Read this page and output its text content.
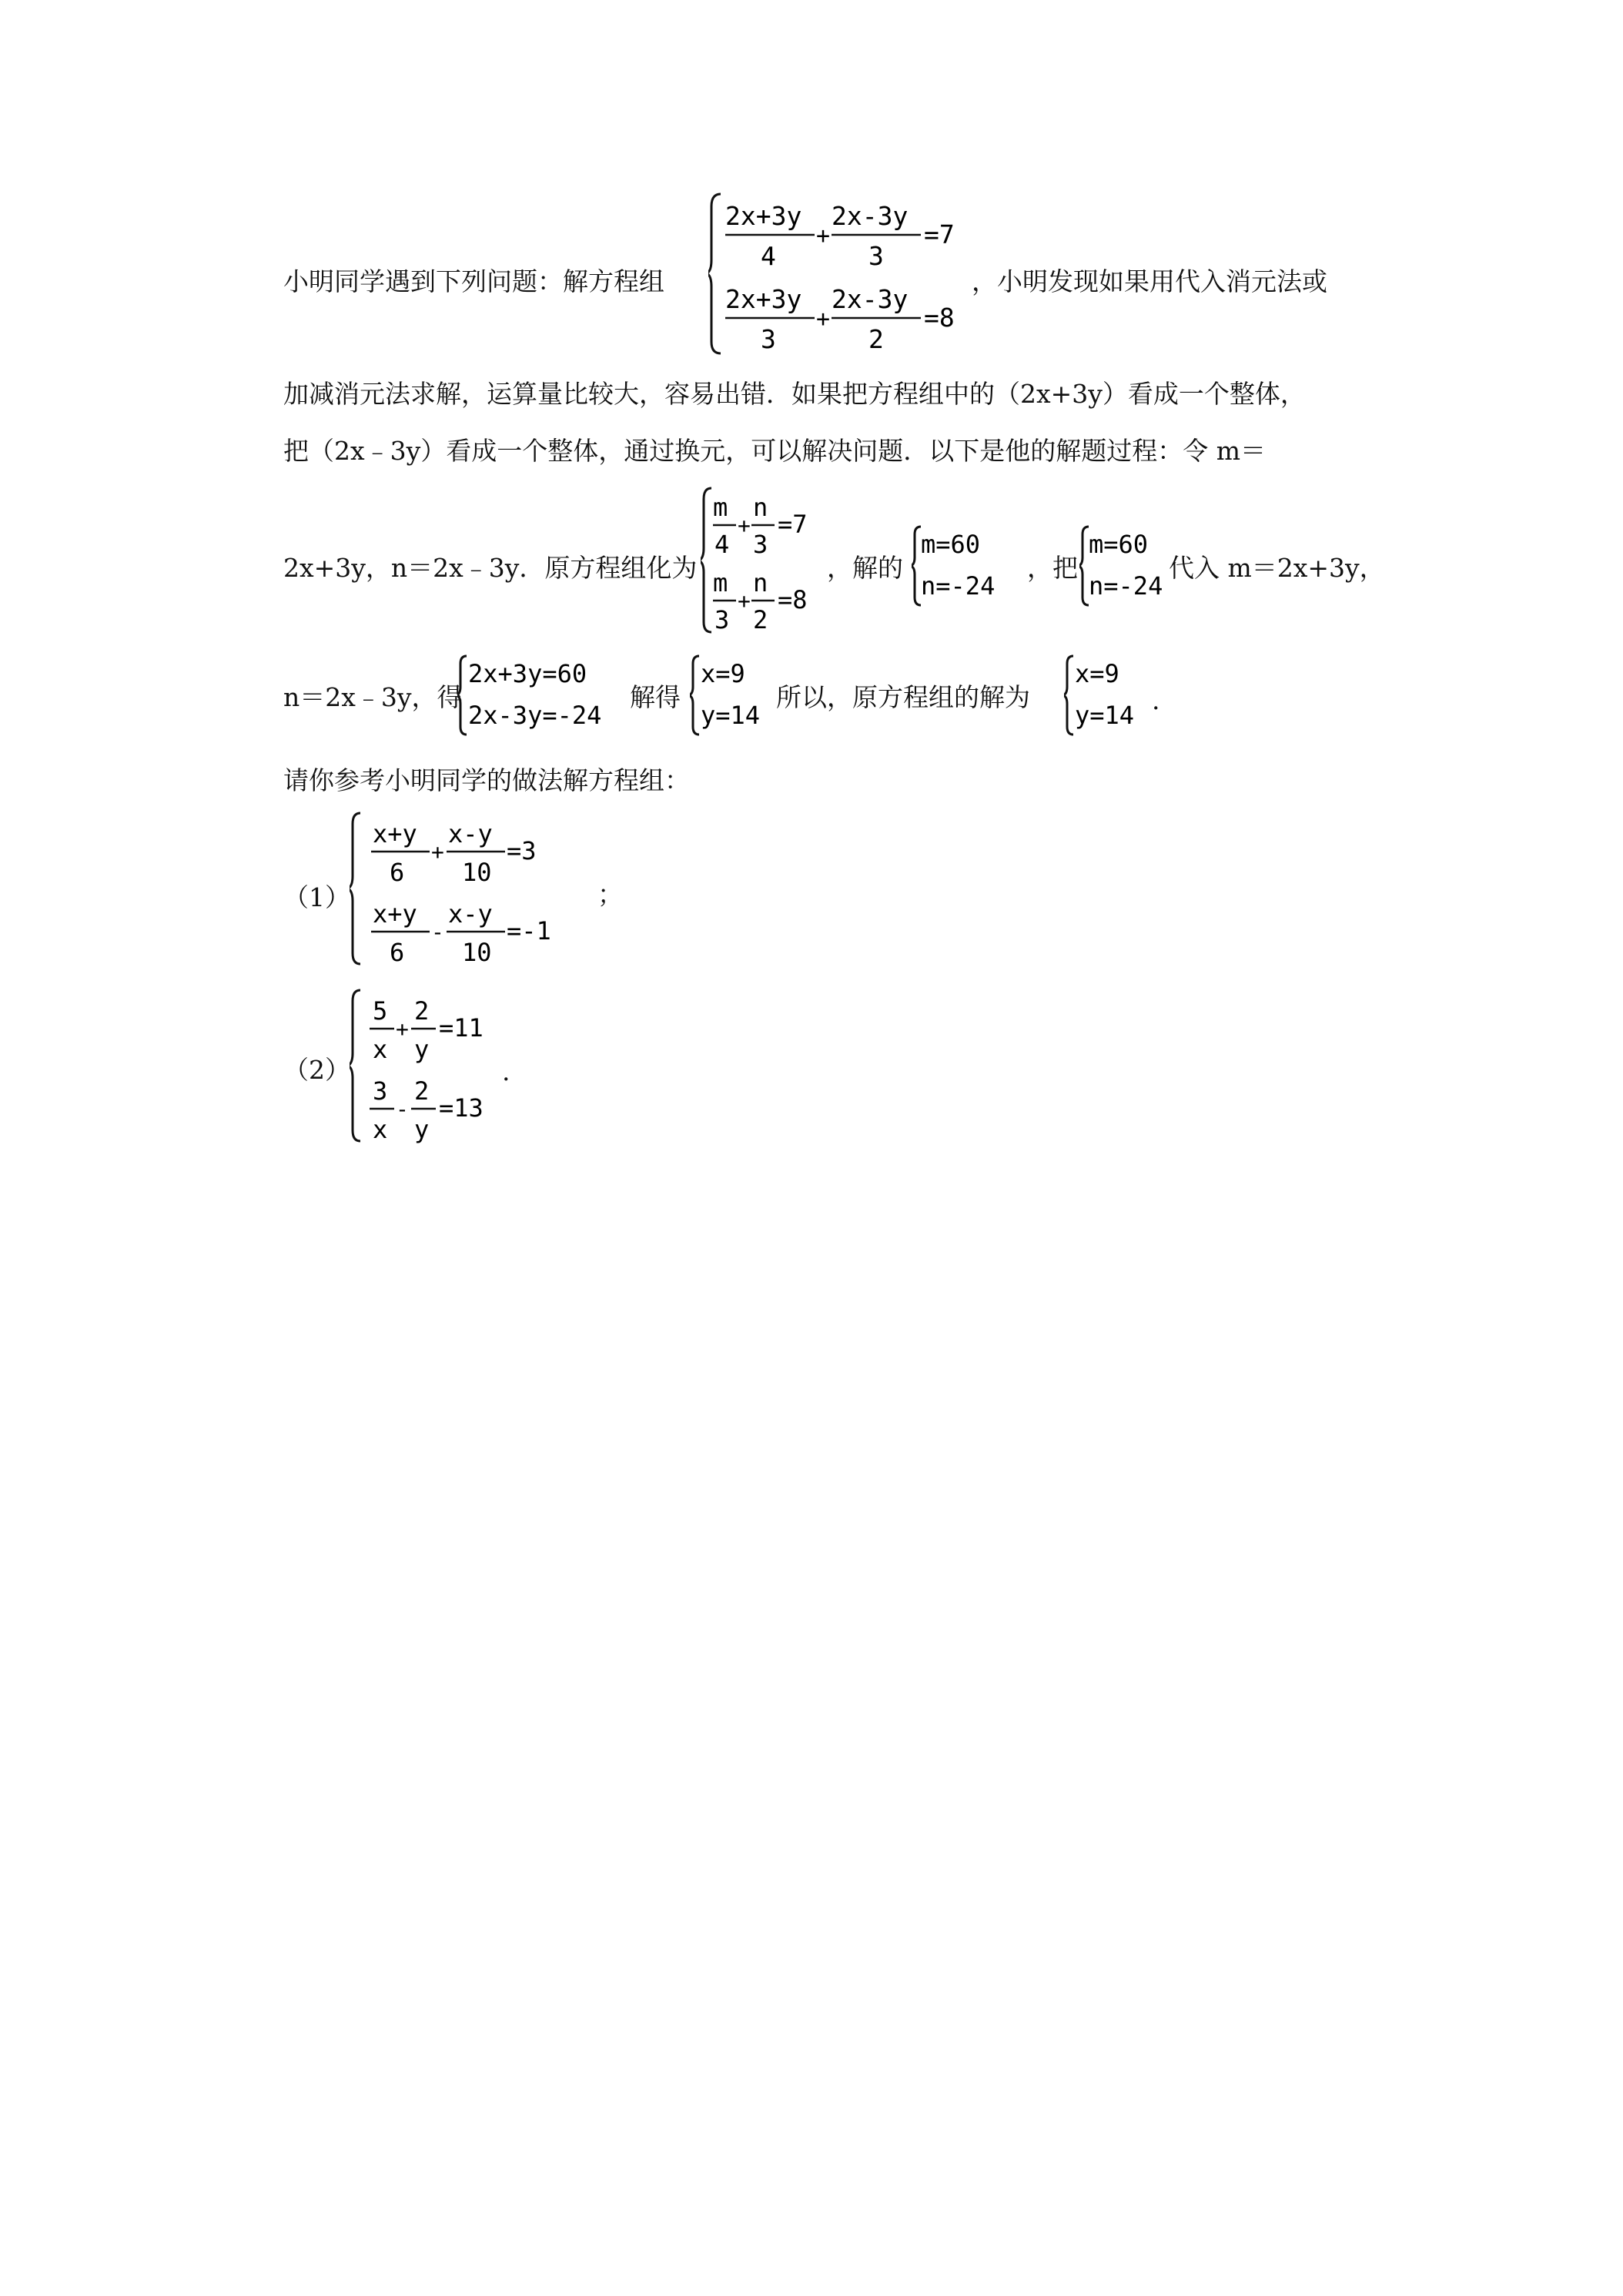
小明同学遇到下列问题：解方程组
2x+3y
4
+
2x-3y
3
=7
2x+3y
3
+
2x-3y
2
=8
，小明发现如果用代入消元法或
加减消元法求解，运算量比较大，容易出错．如果把方程组中的（2x+3y）看成一个整体，
把（2x﹣3y）看成一个整体，通过换元，可以解决问题．以下是他的解题过程：令 m＝
2x+3y，n＝2x﹣3y．原方程组化为
m
4
+
n
3
=7
m
3
+
n
2
=8
，解的
m=60
n=-24
，把
m=60
n=-24
代入 m＝2x+3y，
n＝2x﹣3y，得
2x+3y=60
2x-3y=-24
解得
x=9
y=14
所以，原方程组的解为
x=9
y=14 .
请你参考小明同学的做法解方程组：
（1）
x+y
6
+
x-y
10
=3
x+y
6
-
x-y
10
=-1
；
（2）
5
x
+
2
y
=11
3
x
-
2
y
=13
.
